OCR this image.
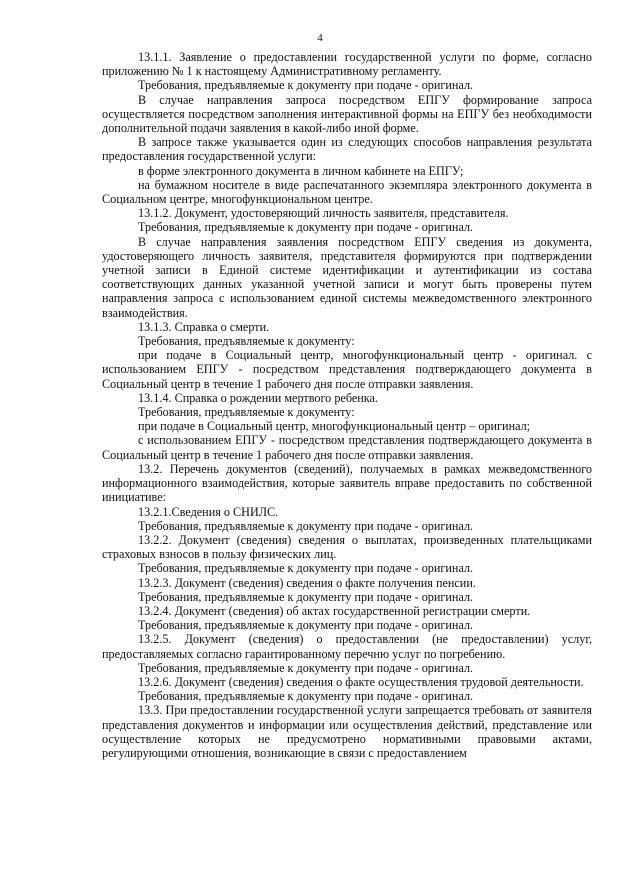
4

13.1.1. Заявление о предоставлении государственной услуги по форме, согласно приложению № 1 к настоящему Административному регламенту.

Требования, предъявляемые к документу при подаче - оригинал.

В случае направления запроса посредством ЕПГУ формирование запроса осуществляется посредством заполнения интерактивной формы на ЕПГУ без необходимости дополнительной подачи заявления в какой-либо иной форме.

В запросе также указывается один из следующих способов направления результата предоставления государственной услуги:

в форме электронного документа в личном кабинете на ЕПГУ;

на бумажном носителе в виде распечатанного экземпляра электронного документа в Социальном центре, многофункциональном центре.

13.1.2. Документ, удостоверяющий личность заявителя, представителя.

Требования, предъявляемые к документу при подаче - оригинал.

В случае направления заявления посредством ЕПГУ сведения из документа, удостоверяющего личность заявителя, представителя формируются при подтверждении учетной записи в Единой системе идентификации и аутентификации из состава соответствующих данных указанной учетной записи и могут быть проверены путем направления запроса с использованием единой системы межведомственного электронного взаимодействия.

13.1.3. Справка о смерти.

Требования, предъявляемые к документу:

при подаче в Социальный центр, многофункциональный центр - оригинал. с использованием ЕПГУ - посредством представления подтверждающего документа в Социальный центр в течение 1 рабочего дня после отправки заявления.

13.1.4. Справка о рождении мертвого ребенка.

Требования, предъявляемые к документу:

при подаче в Социальный центр, многофункциональный центр – оригинал;

с использованием ЕПГУ - посредством представления подтверждающего документа в Социальный центр в течение 1 рабочего дня после отправки заявления.

13.2. Перечень документов (сведений), получаемых в рамках межведомственного информационного взаимодействия, которые заявитель вправе предоставить по собственной инициативе:

13.2.1.Сведения о СНИЛС.

Требования, предъявляемые к документу при подаче - оригинал.

13.2.2. Документ (сведения) сведения о выплатах, произведенных плательщиками страховых взносов в пользу физических лиц.

Требования, предъявляемые к документу при подаче - оригинал.

13.2.3. Документ (сведения) сведения о факте получения пенсии.

Требования, предъявляемые к документу при подаче - оригинал.

13.2.4. Документ (сведения) об актах государственной регистрации смерти.

Требования, предъявляемые к документу при подаче - оригинал.

13.2.5. Документ (сведения) о предоставлении (не предоставлении) услуг, предоставляемых согласно гарантированному перечню услуг по погребению.

Требования, предъявляемые к документу при подаче - оригинал.

13.2.6. Документ (сведения) сведения о факте осуществления трудовой деятельности.

Требования, предъявляемые к документу при подаче - оригинал.

13.3. При предоставлении государственной услуги запрещается требовать от заявителя представления документов и информации или осуществления действий, представление или осуществление которых не предусмотрено нормативными правовыми актами, регулирующими отношения, возникающие в связи с предоставлением
